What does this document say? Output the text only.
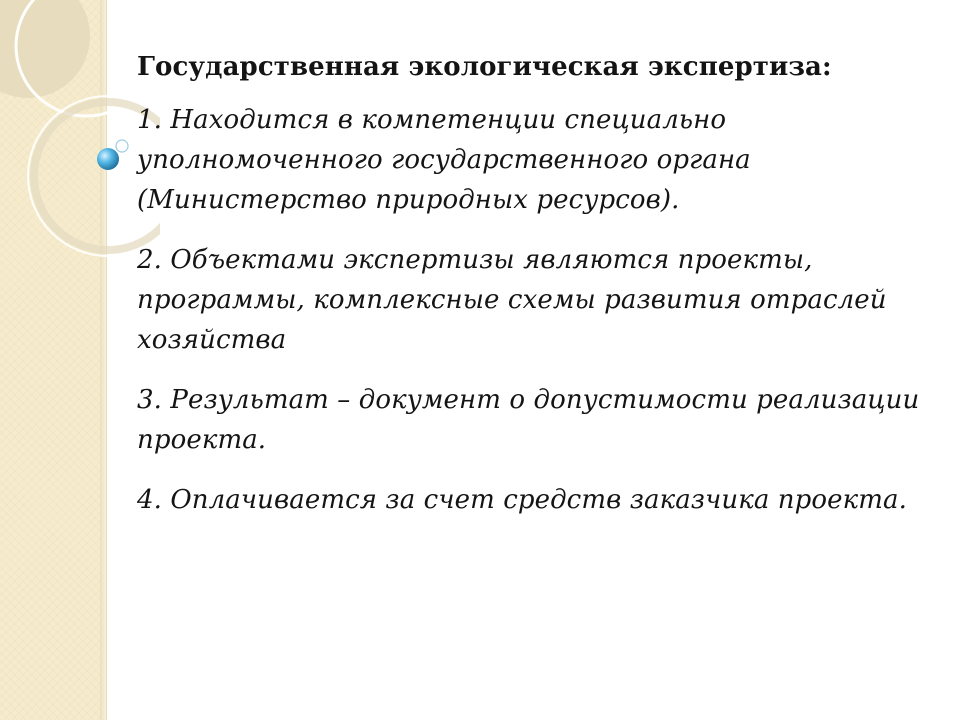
Государственная экологическая экспертиза:

1. Находится в компетенции специально уполномоченного государственного органа (Министерство природных ресурсов).

2. Объектами экспертизы являются проекты, программы, комплексные схемы развития отраслей хозяйства

3. Результат – документ о допустимости реализации проекта.

4. Оплачивается за счет средств заказчика проекта.
